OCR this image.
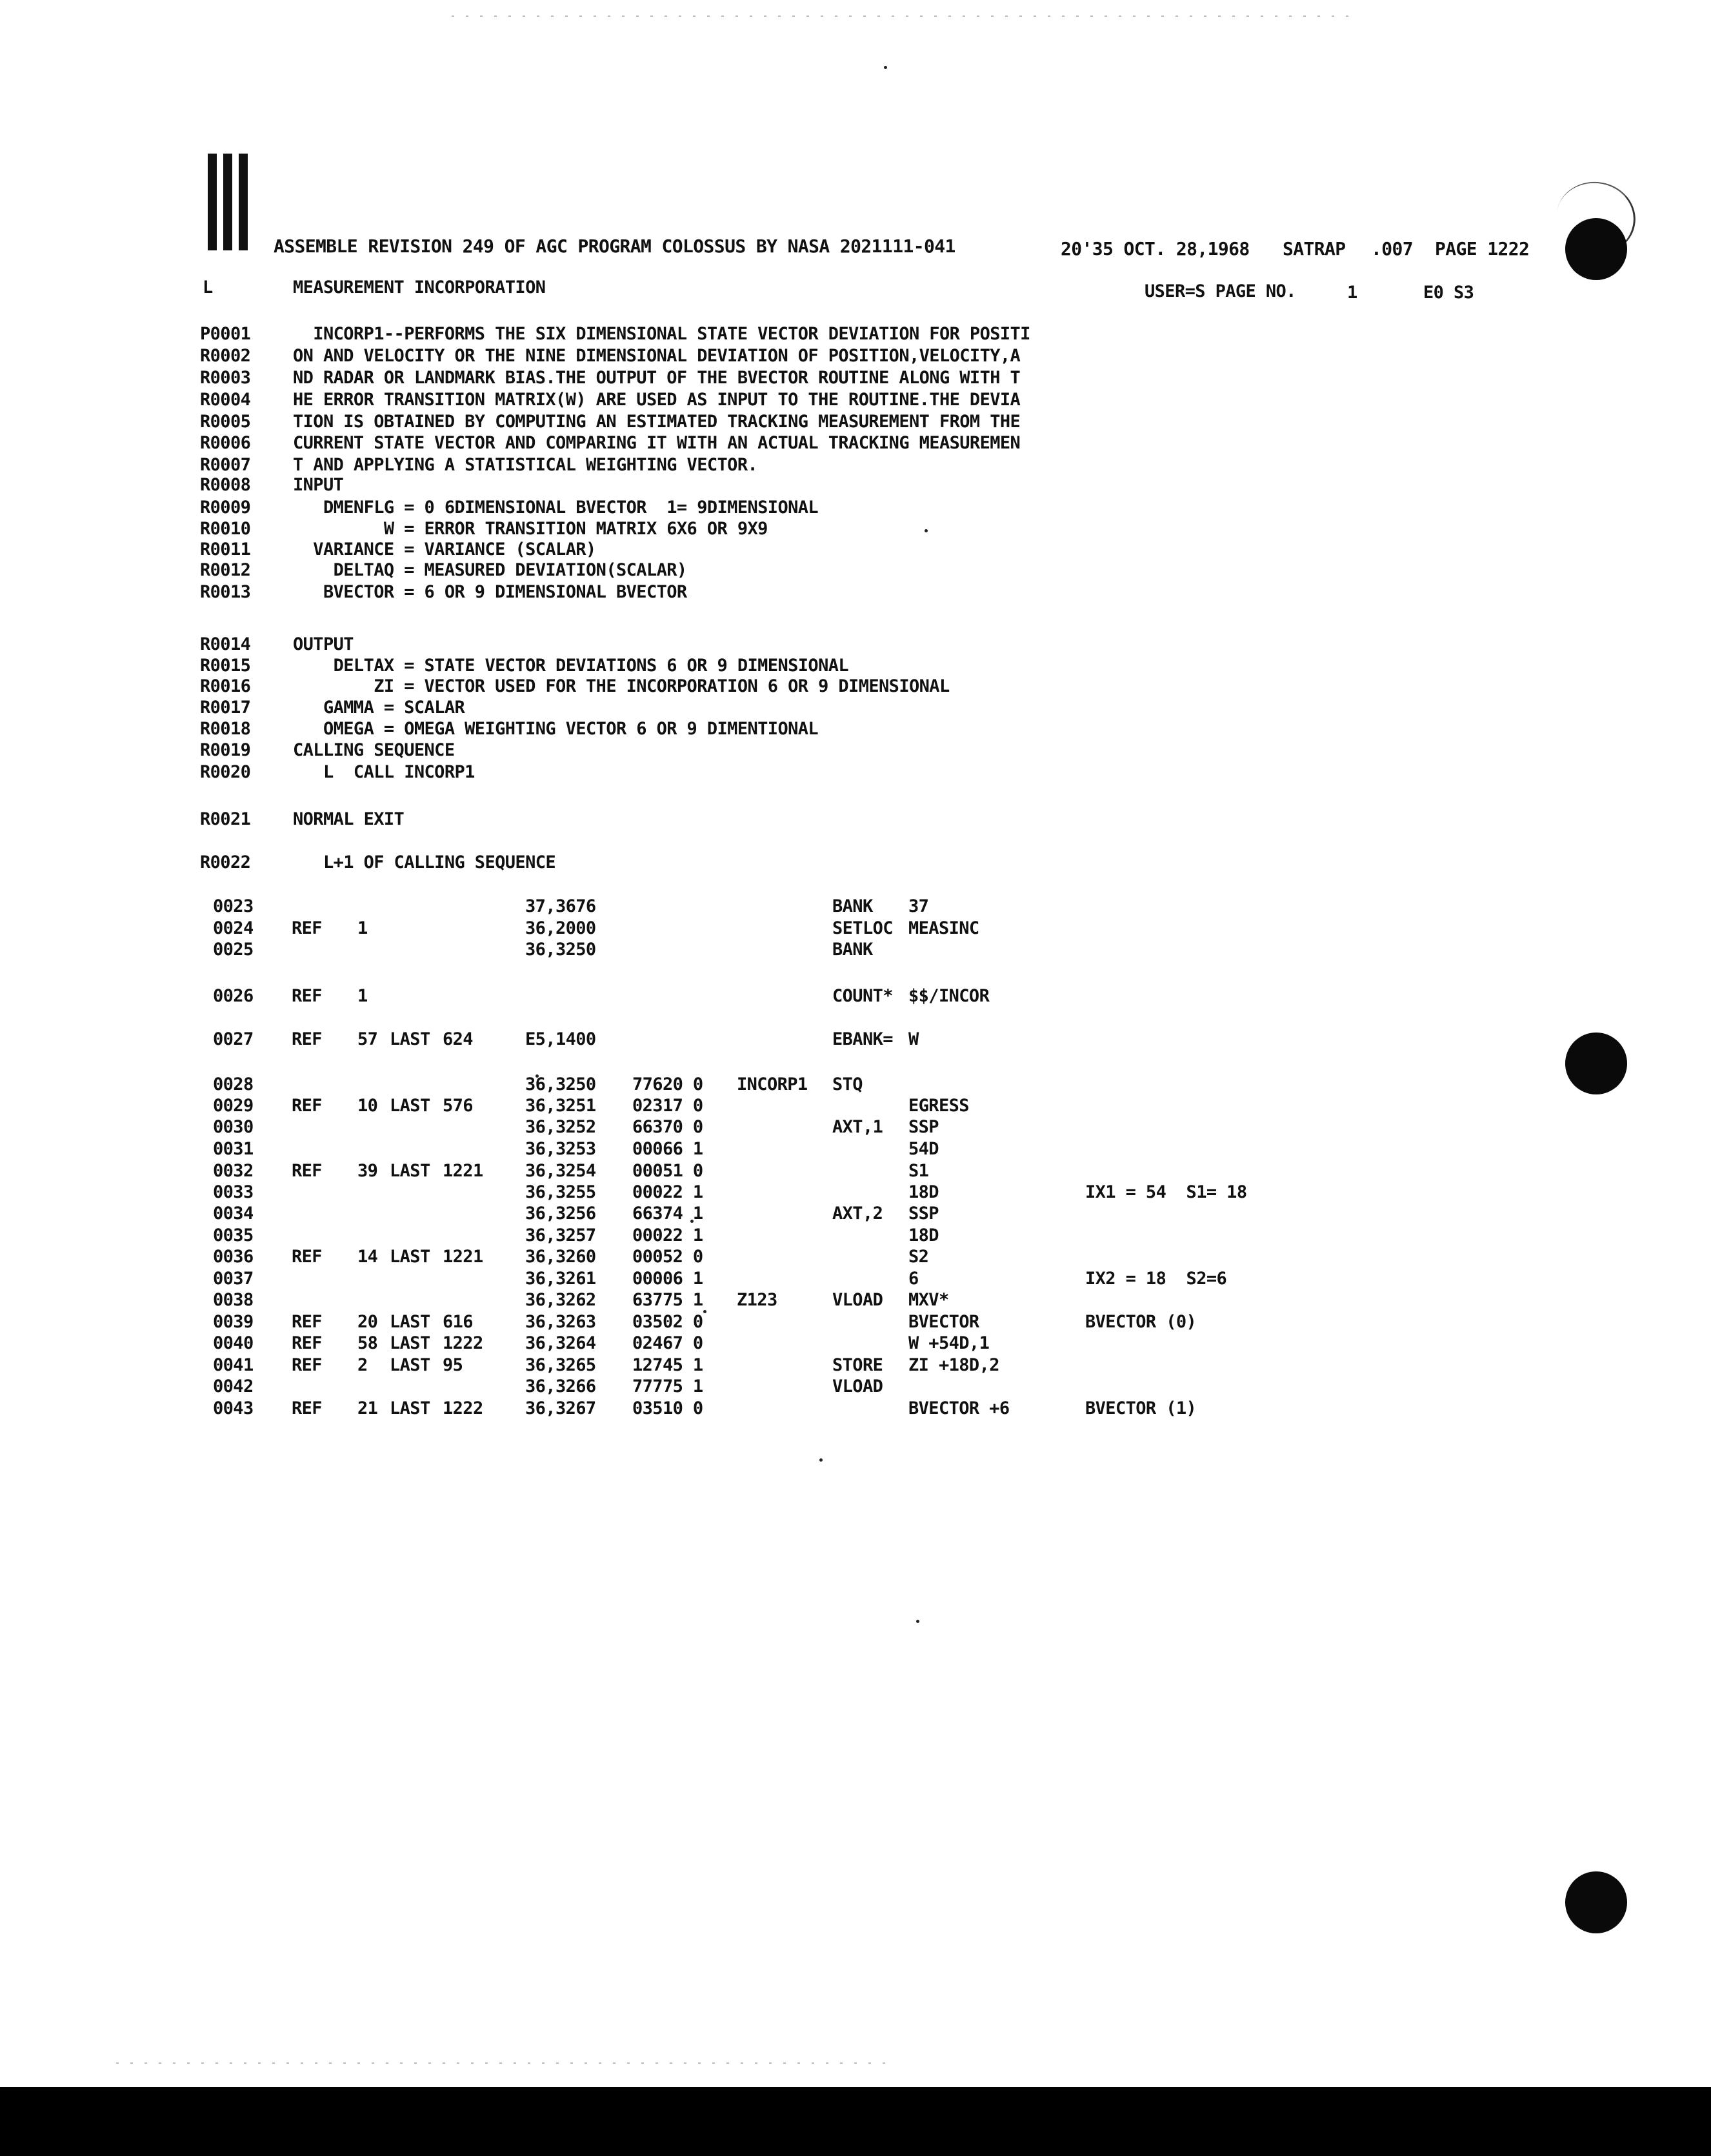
ASSEMBLE REVISION 249 OF AGC PROGRAM COLOSSUS BY NASA 2021111-041	20'35 OCT. 28,1968 SATRAP .007 PAGE 1222
L	MEASUREMENT INCORPORATION	USER=S PAGE NO.	1	E0 S3
P0001 INCORP1--PERFORMS THE SIX DIMENSIONAL STATE VECTOR DEVIATION FOR POSITI
R0002 ON AND VELOCITY OR THE NINE DIMENSIONAL DEVIATION OF POSITION,VELOCITY,A
R0003 ND RADAR OR LANDMARK BIAS.THE OUTPUT OF THE BVECTOR ROUTINE ALONG WITH T
R0004 HE ERROR TRANSITION MATRIX(W) ARE USED AS INPUT TO THE ROUTINE.THE DEVIA
R0005 TION IS OBTAINED BY COMPUTING AN ESTIMATED TRACKING MEASUREMENT FROM THE
R0006 CURRENT STATE VECTOR AND COMPARING IT WITH AN ACTUAL TRACKING MEASUREMEN
R0007 T AND APPLYING A STATISTICAL WEIGHTING VECTOR.
R0008 INPUT
R0009 DMENFLG = 0 6DIMENSIONAL BVECTOR  1= 9DIMENSIONAL
R0010 W = ERROR TRANSITION MATRIX 6X6 OR 9X9
R0011 VARIANCE = VARIANCE (SCALAR)
R0012 DELTAQ = MEASURED DEVIATION(SCALAR)
R0013 BVECTOR = 6 OR 9 DIMENSIONAL BVECTOR
R0014 OUTPUT
R0015 DELTAX = STATE VECTOR DEVIATIONS 6 OR 9 DIMENSIONAL
R0016 ZI = VECTOR USED FOR THE INCORPORATION 6 OR 9 DIMENSIONAL
R0017 GAMMA = SCALAR
R0018 OMEGA = OMEGA WEIGHTING VECTOR 6 OR 9 DIMENTIONAL
R0019 CALLING SEQUENCE
R0020 L  CALL INCORP1
R0021 NORMAL EXIT
R0022 L+1 OF CALLING SEQUENCE
0023	37,3676	BANK 37
0024 REF 1	36,2000	SETLOC MEASINC
0025	36,3250	BANK
0026 REF 1	COUNT* $$/INCOR
0027 REF 57 LAST 624	E5,1400	EBANK= W
0028	36,3250 77620 0 INCORP1 STQ
0029 REF 10 LAST 576	36,3251 02317 0	EGRESS
0030	36,3252 66370 0	AXT,1 SSP
0031	36,3253 00066 1	54D
0032 REF 39 LAST 1221 36,3254 00051 0	S1
0033	36,3255 00022 1	18D	IX1 = 54  S1= 18
0034	36,3256 66374 1	AXT,2 SSP
0035	36,3257 00022 1	18D
0036 REF 14 LAST 1221 36,3260 00052 0	S2
0037	36,3261 00006 1	6	IX2 = 18  S2=6
0038	36,3262 63775 1 Z123	VLOAD MXV*
0039 REF 20 LAST 616	36,3263 03502 0	BVECTOR	BVECTOR (0)
0040 REF 58 LAST 1222 36,3264 02467 0	W +54D,1
0041 REF 2 LAST 95	36,3265 12745 1	STORE ZI +18D,2
0042	36,3266 77775 1	VLOAD
0043 REF 21 LAST 1222 36,3267 03510 0	BVECTOR +6	BVECTOR (1)
